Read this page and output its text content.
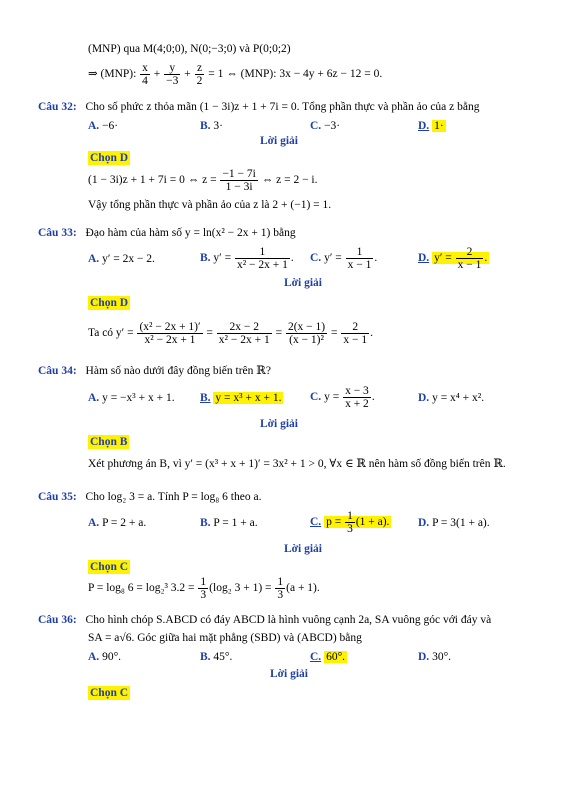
(MNP) qua M(4;0;0), N(0;−3;0) và P(0;0;2)
⇒ (MNP): $\frac{x}{4} + \frac{y}{-3} + \frac{z}{2} = 1$ ⇔ (MNP): 3x − 4y + 6z − 12 = 0.
Câu 32: Cho số phức z thỏa mãn (1 − 3i)z + 1 + 7i = 0. Tổng phần thực và phần ảo của z bằng
A. −6·	B. 3·	C. −3·	D. 1·
Lời giải
Chọn D
(1 − 3i)z + 1 + 7i = 0 ⇔ $z = \frac{-1 - 7i}{1 - 3i}$ ⇔ z = 2 − i.
Vậy tổng phần thực và phần ảo của z là 2 + (−1) = 1.
Câu 33: Đạo hàm của hàm số y = ln(x² − 2x + 1) bằng
A. y′ = 2x − 2.	B. $y' = \frac{1}{\text{x² − 2x + 1}}$ . C. $y' = \frac{1}{x - 1}$ .	D. $y' = \frac{2}{x - 1}$ .
Lời giải
Chọn D
Ta có $y' = \frac{\text{(x² − 2x + 1)′}}{\text{x² − 2x + 1}} = \frac{2x - 2}{\text{x² − 2x + 1}} = \frac{2(x - 1)}{\text{(x − 1)²}} = \frac{2}{x - 1}$ .
Câu 34: Hàm số nào dưới đây đồng biến trên ℝ?
A. y = −x³ + x + 1. B. y = x³ + x + 1. C. $y = \frac{x - 3}{x + 2}$ .	D. y = x⁴ + x².
Lời giải
Chọn B
Xét phương án B, vì y′ = (x³ + x + 1)′ = 3x² + 1 > 0, ∀x ∈ ℝ nên hàm số đồng biến trên ℝ.
Câu 35: Cho log₂ 3 = a. Tính P = log₈ 6 theo a.
A. P = 2 + a.	B. P = 1 + a.	C. $p = \frac{1}{3} (1 + a)$. D. P = 3(1 + a).
Lời giải
Chọn C
P = log₈ 6 = log₂³ $3.2 = \frac{1}{3} (\log_2$ $3 + 1) = \frac{1}{3} (a + 1)$.
Câu 36: Cho hình chóp S.ABCD có đáy ABCD là hình vuông cạnh 2a, SA vuông góc với đáy và
SA = a√6. Góc giữa hai mặt phẳng (SBD) và (ABCD) bằng
A. 90°.	B. 45°.	C. 60°.	D. 30°.
Lời giải
Chọn C
